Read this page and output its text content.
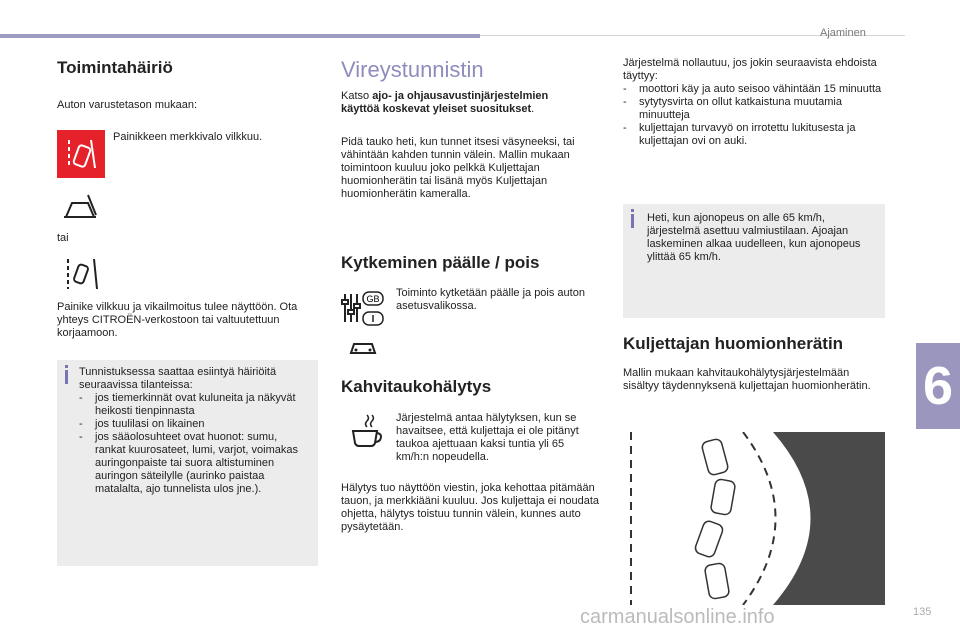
Ajaminen
6
Toimintahäiriö

Auton varustetason mukaan:

Painikkeen merkkivalo vilkkuu.

tai

Painike vilkkuu ja vikailmoitus tulee näyttöön. Ota yhteys CITROËN-verkostoon tai valtuutettuun korjaamoon.

Tunnistuksessa saattaa esiintyä häiriöitä seuraavissa tilanteissa:

- jos tiemerkinnät ovat kuluneita ja näkyvät heikosti tienpinnasta
- jos tuulilasi on likainen
- jos sääolosuhteet ovat huonot: sumu, rankat kuurosateet, lumi, varjot, voimakas auringonpaiste tai suora altistuminen auringon säteilylle (aurinko paistaa matalalta, ajo tunnelista ulos jne.).
Vireystunnistin

Katso ajo- ja ohjausavustinjärjestelmien käyttöä koskevat yleiset suositukset.

Pidä tauko heti, kun tunnet itsesi väsyneeksi, tai vähintään kahden tunnin välein. Mallin mukaan toimintoon kuuluu joko pelkkä Kuljettajan huomionherätin tai lisänä myös Kuljettajan huomionherätin kameralla.

Kytkeminen päälle / pois
GB Toiminto kytketään päälle ja pois auton asetusvalikossa.

Kahvitaukohälytys

Järjestelmä antaa hälytyksen, kun se havaitsee, että kuljettaja ei ole pitänyt taukoa ajettuaan kaksi tuntia yli 65 km/h:n nopeudella.

Hälytys tuo näyttöön viestin, joka kehottaa pitämään tauon, ja merkkiääni kuuluu. Jos kuljettaja ei noudata ohjetta, hälytys toistuu tunnin välein, kunnes auto pysäytetään.

Järjestelmä nollautuu, jos jokin seuraavista ehdoista täyttyy:

- moottori käy ja auto seisoo vähintään 15 minuutta
- sytytysvirta on ollut katkaistuna muutamia minuutteja
- kuljettajan turvavyö on irrotettu lukitusesta ja kuljettajan ovi on auki.

Heti, kun ajonopeus on alle 65 km/h, järjestelmä asettuu valmiustilaan. Ajoajan laskeminen alkaa uudelleen, kun ajonopeus ylittää 65 km/h.

Kuljettajan huomionherätin

Mallin mukaan kahvitaukohälytysjärjestelmään sisältyy täydennyksenä kuljettajan huomionherätin.

carmanualsonline.info	135
